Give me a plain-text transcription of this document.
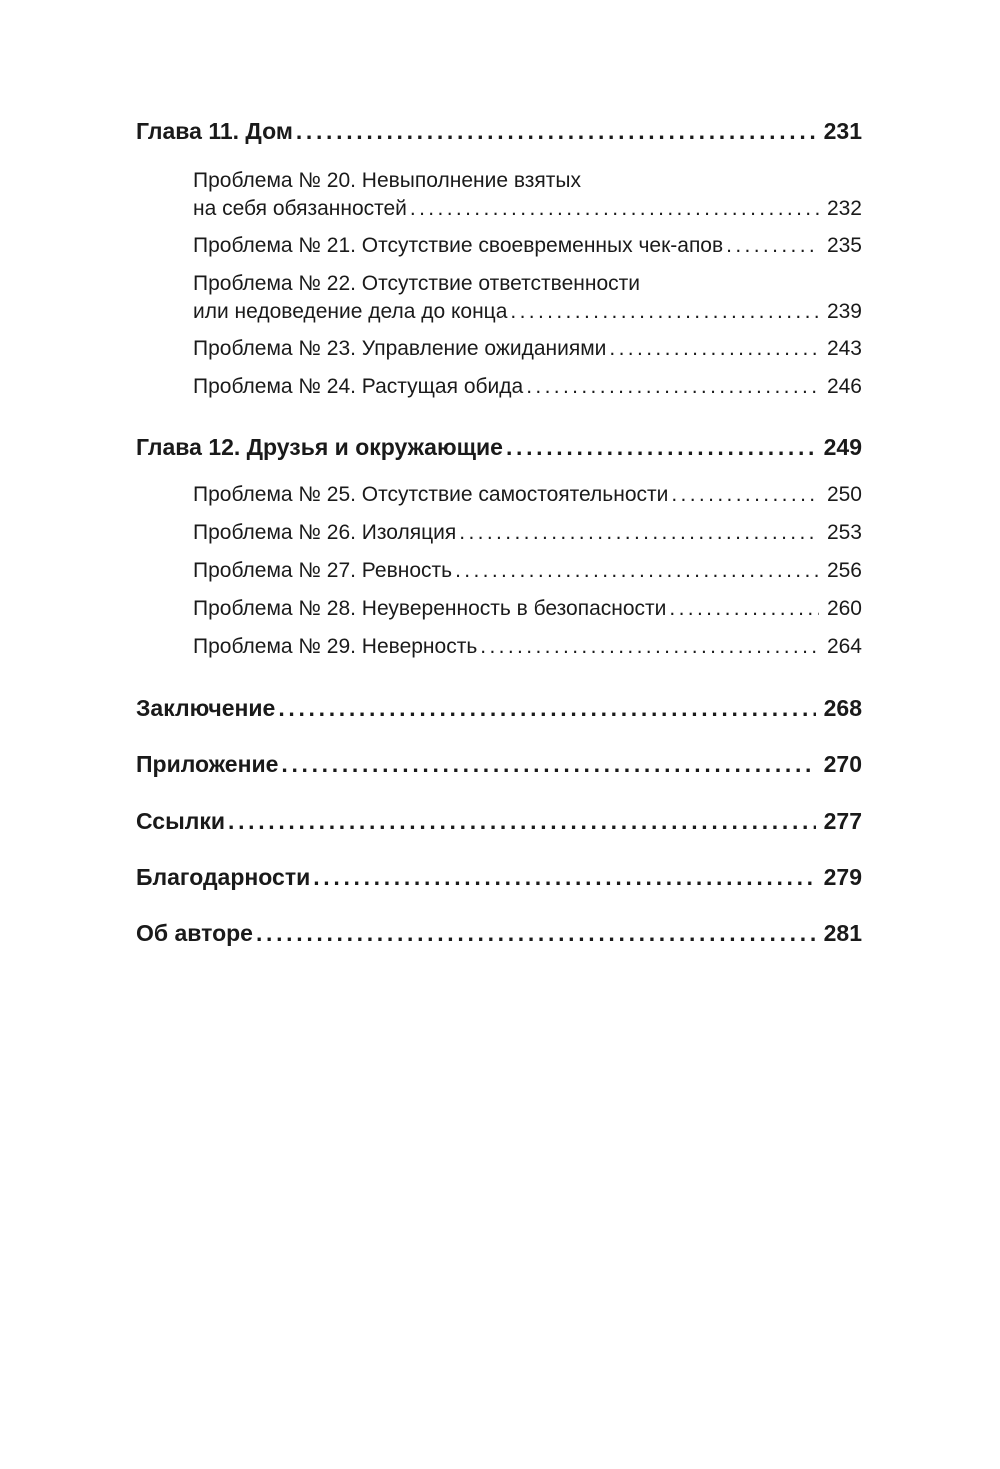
Глава 11. Дом .....	231
Проблема № 20. Невыполнение взятых
на себя обязанностей .....	232
Проблема № 21. Отсутствие своевременных чек-апов .....	235
Проблема № 22. Отсутствие ответственности
или недоведение дела до конца .....	239
Проблема № 23. Управление ожиданиями .....	243
Проблема № 24. Растущая обида .....	246
Глава 12. Друзья и окружающие .....	249
Проблема № 25. Отсутствие самостоятельности .....	250
Проблема № 26. Изоляция .....	253
Проблема № 27. Ревность .....	256
Проблема № 28. Неуверенность в безопасности .....	260
Проблема № 29. Неверность .....	264
Заключение .....	268
Приложение .....	270
Ссылки .....	277
Благодарности .....	279
Об авторе .....	281
